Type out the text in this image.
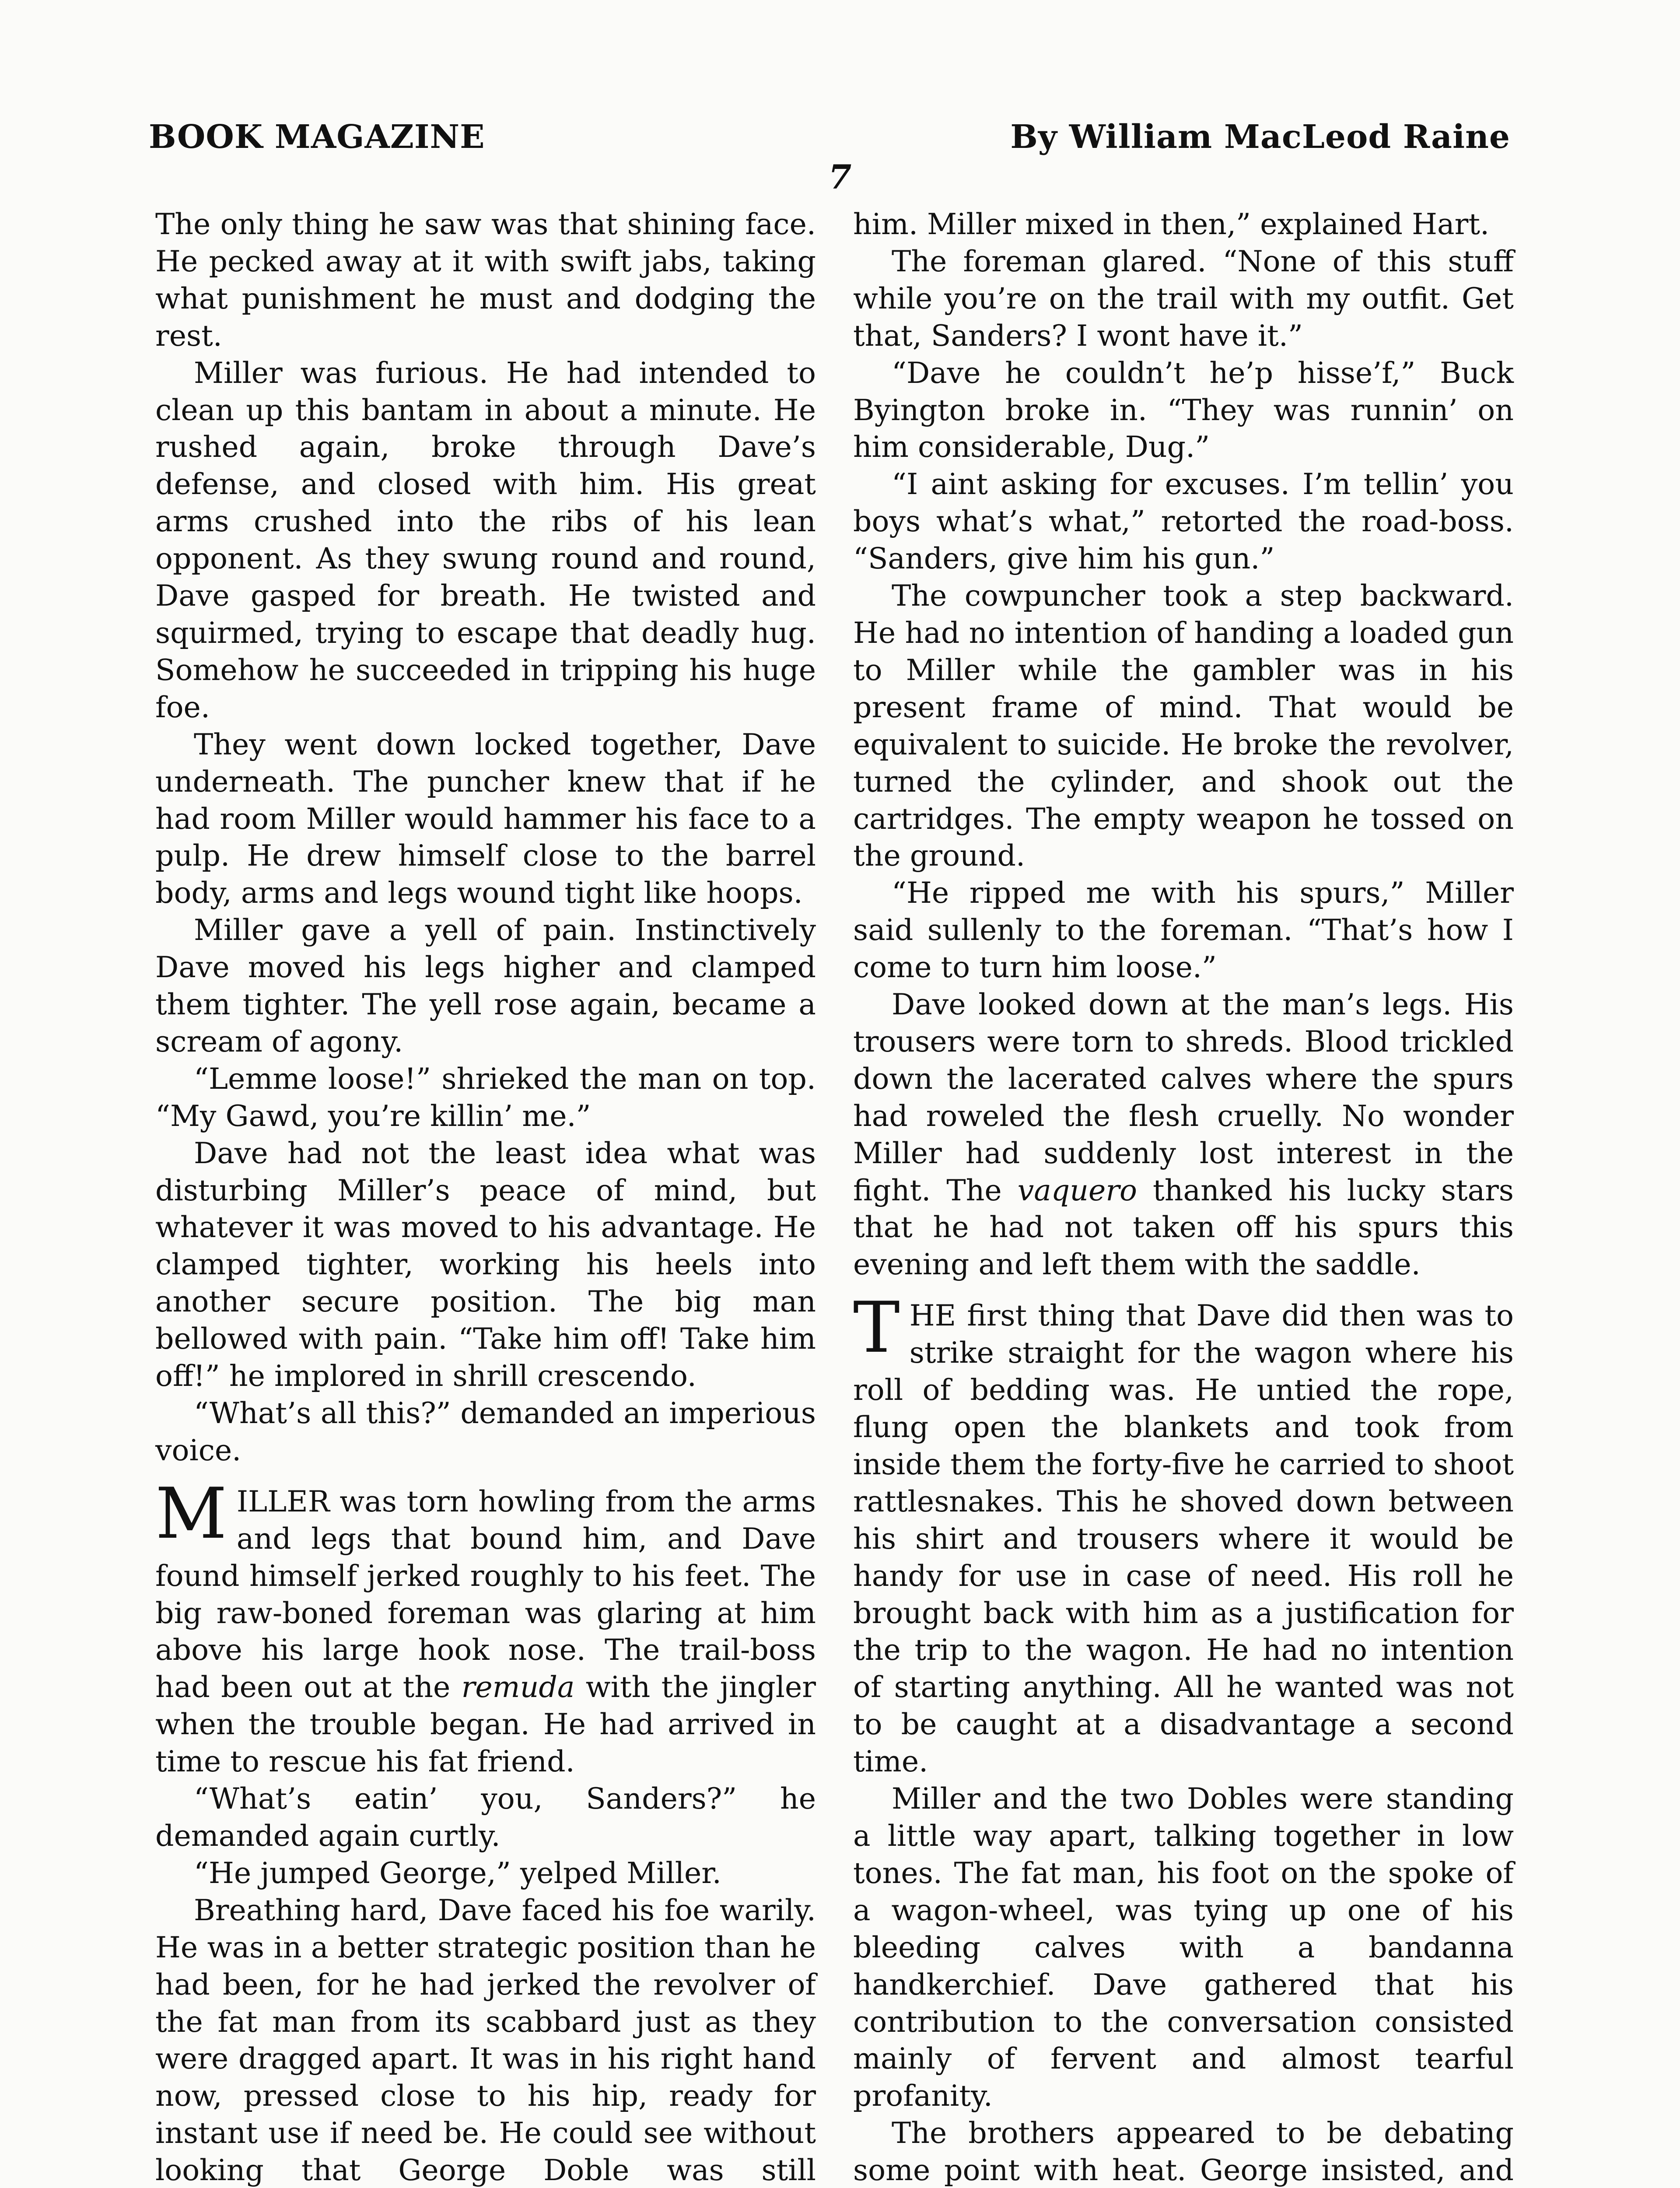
BOOK MAGAZINE	By William MacLeod Raine
7

The only thing he saw was that shining face. He pecked away at it with swift jabs, taking what punishment he must and dodging the rest.

Miller was furious. He had intended to clean up this bantam in about a minute. He rushed again, broke through Dave’s defense, and closed with him. His great arms crushed into the ribs of his lean opponent. As they swung round and round, Dave gasped for breath. He twisted and squirmed, trying to escape that deadly hug. Somehow he succeeded in tripping his huge foe.

They went down locked together, Dave underneath. The puncher knew that if he had room Miller would hammer his face to a pulp. He drew himself close to the barrel body, arms and legs wound tight like hoops.

Miller gave a yell of pain. Instinctively Dave moved his legs higher and clamped them tighter. The yell rose again, became a scream of agony.

“Lemme loose!” shrieked the man on top. “My Gawd, you’re killin’ me.”

Dave had not the least idea what was disturbing Miller’s peace of mind, but whatever it was moved to his advantage. He clamped tighter, working his heels into another secure position. The big man bellowed with pain. “Take him off! Take him off!” he implored in shrill crescendo.

“What’s all this?” demanded an imperious voice.

MILLER was torn howling from the arms and legs that bound him, and Dave found himself jerked roughly to his feet. The big raw-boned foreman was glaring at him above his large hook nose. The trail-boss had been out at the remuda with the jingler when the trouble began. He had arrived in time to rescue his fat friend.

“What’s eatin’ you, Sanders?” he demanded again curtly.

“He jumped George,” yelped Miller.

Breathing hard, Dave faced his foe warily. He was in a better strategic position than he had been, for he had jerked the revolver of the fat man from its scabbard just as they were dragged apart. It was in his right hand now, pressed close to his hip, ready for instant use if need be. He could see without looking that George Doble was still

him. Miller mixed in then,” explained Hart.

The foreman glared. “None of this stuff while you’re on the trail with my outfit. Get that, Sanders? I wont have it.”

“Dave he couldn’t he’p hisse’f,” Buck Byington broke in. “They was runnin’ on him considerable, Dug.”

“I aint asking for excuses. I’m tellin’ you boys what’s what,” retorted the road-boss. “Sanders, give him his gun.”

The cowpuncher took a step backward. He had no intention of handing a loaded gun to Miller while the gambler was in his present frame of mind. That would be equivalent to suicide. He broke the revolver, turned the cylinder, and shook out the cartridges. The empty weapon he tossed on the ground.

“He ripped me with his spurs,” Miller said sullenly to the foreman. “That’s how I come to turn him loose.”

Dave looked down at the man’s legs. His trousers were torn to shreds. Blood trickled down the lacerated calves where the spurs had roweled the flesh cruelly. No wonder Miller had suddenly lost interest in the fight. The vaquero thanked his lucky stars that he had not taken off his spurs this evening and left them with the saddle.

THE first thing that Dave did then was to strike straight for the wagon where his roll of bedding was. He untied the rope, flung open the blankets and took from inside them the forty-five he carried to shoot rattlesnakes. This he shoved down between his shirt and trousers where it would be handy for use in case of need. His roll he brought back with him as a justification for the trip to the wagon. He had no intention of starting anything. All he wanted was not to be caught at a disadvantage a second time.

Miller and the two Dobles were standing a little way apart, talking together in low tones. The fat man, his foot on the spoke of a wagon-wheel, was tying up one of his bleeding calves with a bandanna handkerchief. Dave gathered that his contribution to the conversation consisted mainly of fervent and almost tearful profanity.

The brothers appeared to be debating some point with heat. George insisted, and
